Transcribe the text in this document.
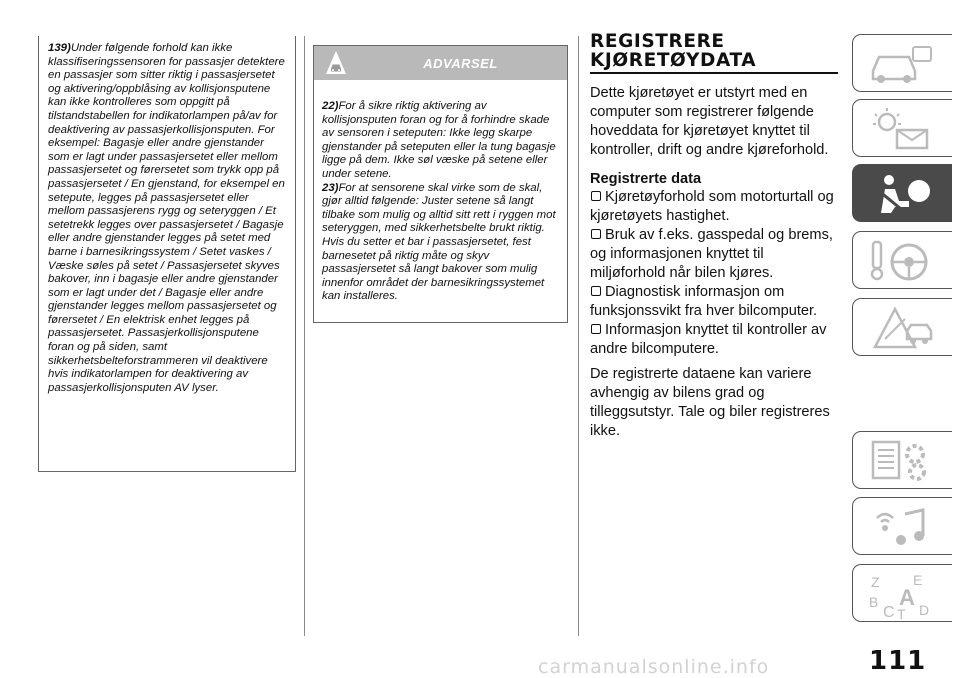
139)Under følgende forhold kan ikke klassifiseringssensoren for passasjer detektere en passasjer som sitter riktig i passasjersetet og aktivering/oppblåsing av kollisjonsputene kan ikke kontrolleres som oppgitt på tilstandstabellen for indikatorlampen på/av for deaktivering av passasjerkollisjonsputen. For eksempel: Bagasje eller andre gjenstander som er lagt under passasjersetet eller mellom passasjersetet og førersetet som trykk opp på passasjersetet / En gjenstand, for eksempel en setepute, legges på passasjersetet eller mellom passasjerens rygg og seteryggen / Et setetrekk legges over passasjersetet / Bagasje eller andre gjenstander legges på setet med barne i barnesikringssystem / Setet vaskes / Væske søles på setet / Passasjersetet skyves bakover, inn i bagasje eller andre gjenstander som er lagt under det / Bagasje eller andre gjenstander legges mellom passasjersetet og førersetet / En elektrisk enhet legges på passasjersetet. Passasjerkollisjonsputene foran og på siden, samt sikkerhetsbelteforstrammeren vil deaktivere hvis indikatorlampen for deaktivering av passasjerkollisjonsputen AV lyser.

ADVARSEL

22)For å sikre riktig aktivering av kollisjonsputen foran og for å forhindre skade av sensoren i seteputen: Ikke legg skarpe gjenstander på seteputen eller la tung bagasje ligge på dem. Ikke søl væske på setene eller under setene.

23)For at sensorene skal virke som de skal, gjør alltid følgende: Juster setene så langt tilbake som mulig og alltid sitt rett i ryggen mot seteryggen, med sikkerhetsbelte brukt riktig. Hvis du setter et bar i passasjersetet, fest barnesetet på riktig måte og skyv passasjersetet så langt bakover som mulig innenfor området der barnesikringssystemet kan installeres.

REGISTRERE
KJØRETØYDATA

Dette kjøretøyet er utstyrt med en computer som registrerer følgende hoveddata for kjøretøyet knyttet til kontroller, drift og andre kjøreforhold.

Registrerte data

Kjøretøyforhold som motorturtall og kjøretøyets hastighet.
Bruk av f.eks. gasspedal og brems, og informasjonen knyttet til miljøforhold når bilen kjøres.
Diagnostisk informasjon om funksjonssvikt fra hver bilcomputer.
Informasjon knyttet til kontroller av andre bilcomputere.

De registrerte dataene kan variere avhengig av bilens grad og tilleggsutstyr. Tale og biler registreres ikke.

Z E
B A
C T D
111
carmanualsonline.info
